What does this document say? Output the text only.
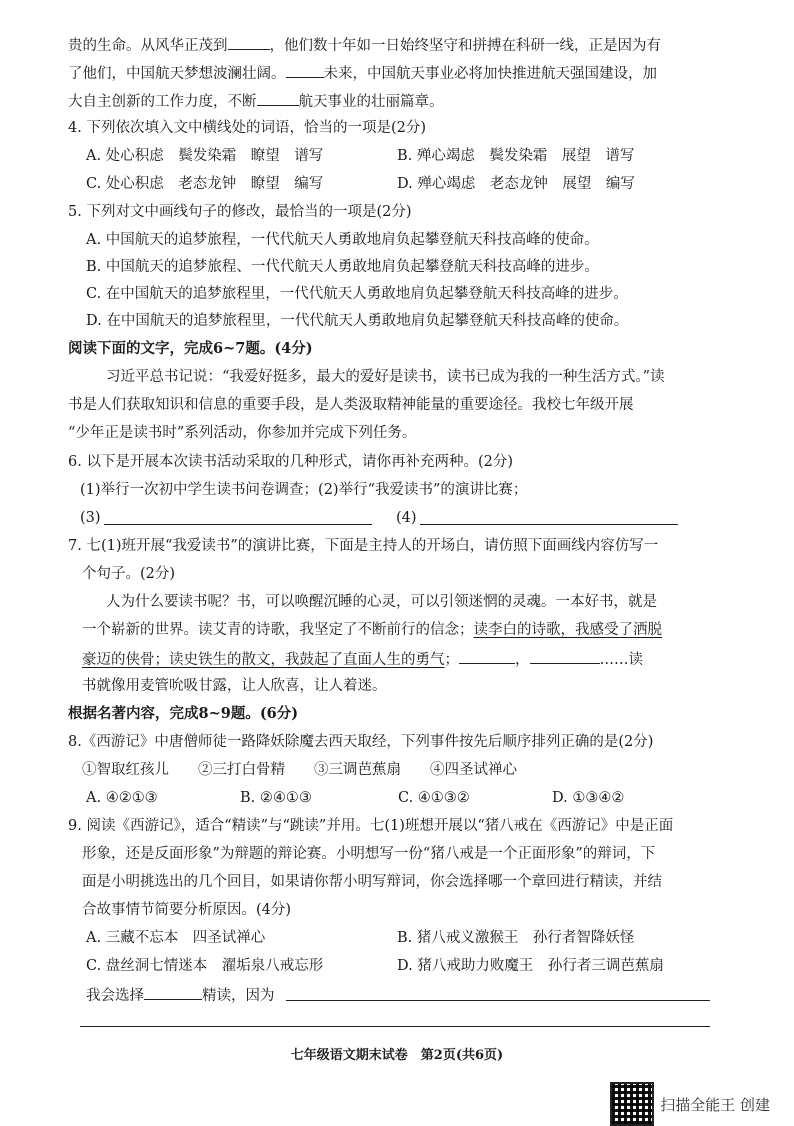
贵的生命。从风华正茂到	，他们数十年如一日始终坚守和拼搏在科研一线，正是因为有
了他们，中国航天梦想波澜壮阔。	未来，中国航天事业必将加快推进航天强国建设，加
大自主创新的工作力度，不断	航天事业的壮丽篇章。
4. 下列依次填入文中横线处的词语，恰当的一项是(2分)
A. 处心积虑　鬓发染霜　瞭望　谱写	B. 殚心竭虑　鬓发染霜　展望　谱写
C. 处心积虑　老态龙钟　瞭望　编写	D. 殚心竭虑　老态龙钟　展望　编写
5. 下列对文中画线句子的修改，最恰当的一项是(2分)
A. 中国航天的追梦旅程，一代代航天人勇敢地肩负起攀登航天科技高峰的使命。
B. 中国航天的追梦旅程、一代代航天人勇敢地肩负起攀登航天科技高峰的进步。
C. 在中国航天的追梦旅程里，一代代航天人勇敢地肩负起攀登航天科技高峰的进步。
D. 在中国航天的追梦旅程里，一代代航天人勇敢地肩负起攀登航天科技高峰的使命。
阅读下面的文字，完成6~7题。(4分)
习近平总书记说：“我爱好挺多，最大的爱好是读书，读书已成为我的一种生活方式。”读
书是人们获取知识和信息的重要手段，是人类汲取精神能量的重要途径。我校七年级开展
“少年正是读书时”系列活动，你参加并完成下列任务。
6. 以下是开展本次读书活动采取的几种形式，请你再补充两种。(2分)
(1)举行一次初中学生读书问卷调查；(2)举行“我爱读书”的演讲比赛；
(3)	(4)
7. 七(1)班开展“我爱读书”的演讲比赛，下面是主持人的开场白，请仿照下面画线内容仿写一
个句子。(2分)
人为什么要读书呢？书，可以唤醒沉睡的心灵，可以引领迷惘的灵魂。一本好书，就是
一个崭新的世界。读艾青的诗歌，我坚定了不断前行的信念；读李白的诗歌，我感受了洒脱
豪迈的侠骨；读史铁生的散文，我鼓起了直面人生的勇气；	，	……读
书就像用麦管吮吸甘露，让人欣喜，让人着迷。
根据名著内容，完成8~9题。(6分)
8.《西游记》中唐僧师徒一路降妖除魔去西天取经，下列事件按先后顺序排列正确的是(2分)
①智取红孩儿　　②三打白骨精　　③三调芭蕉扇　　④四圣试禅心
A. ④②①③	B. ②④①③	C. ④①③②	D. ①③④②
9. 阅读《西游记》，适合“精读”与“跳读”并用。七(1)班想开展以“猪八戒在《西游记》中是正面
形象，还是反面形象”为辩题的辩论赛。小明想写一份“猪八戒是一个正面形象”的辩词，下
面是小明挑选出的几个回目，如果请你帮小明写辩词，你会选择哪一个章回进行精读，并结
合故事情节简要分析原因。(4分)
A. 三藏不忘本　四圣试禅心	B. 猪八戒义激猴王　孙行者智降妖怪
C. 盘丝洞七情迷本　濯垢泉八戒忘形	D. 猪八戒助力败魔王　孙行者三调芭蕉扇
我会选择	精读，因为
七年级语文期末试卷　第2页(共6页)
扫描全能王 创建
